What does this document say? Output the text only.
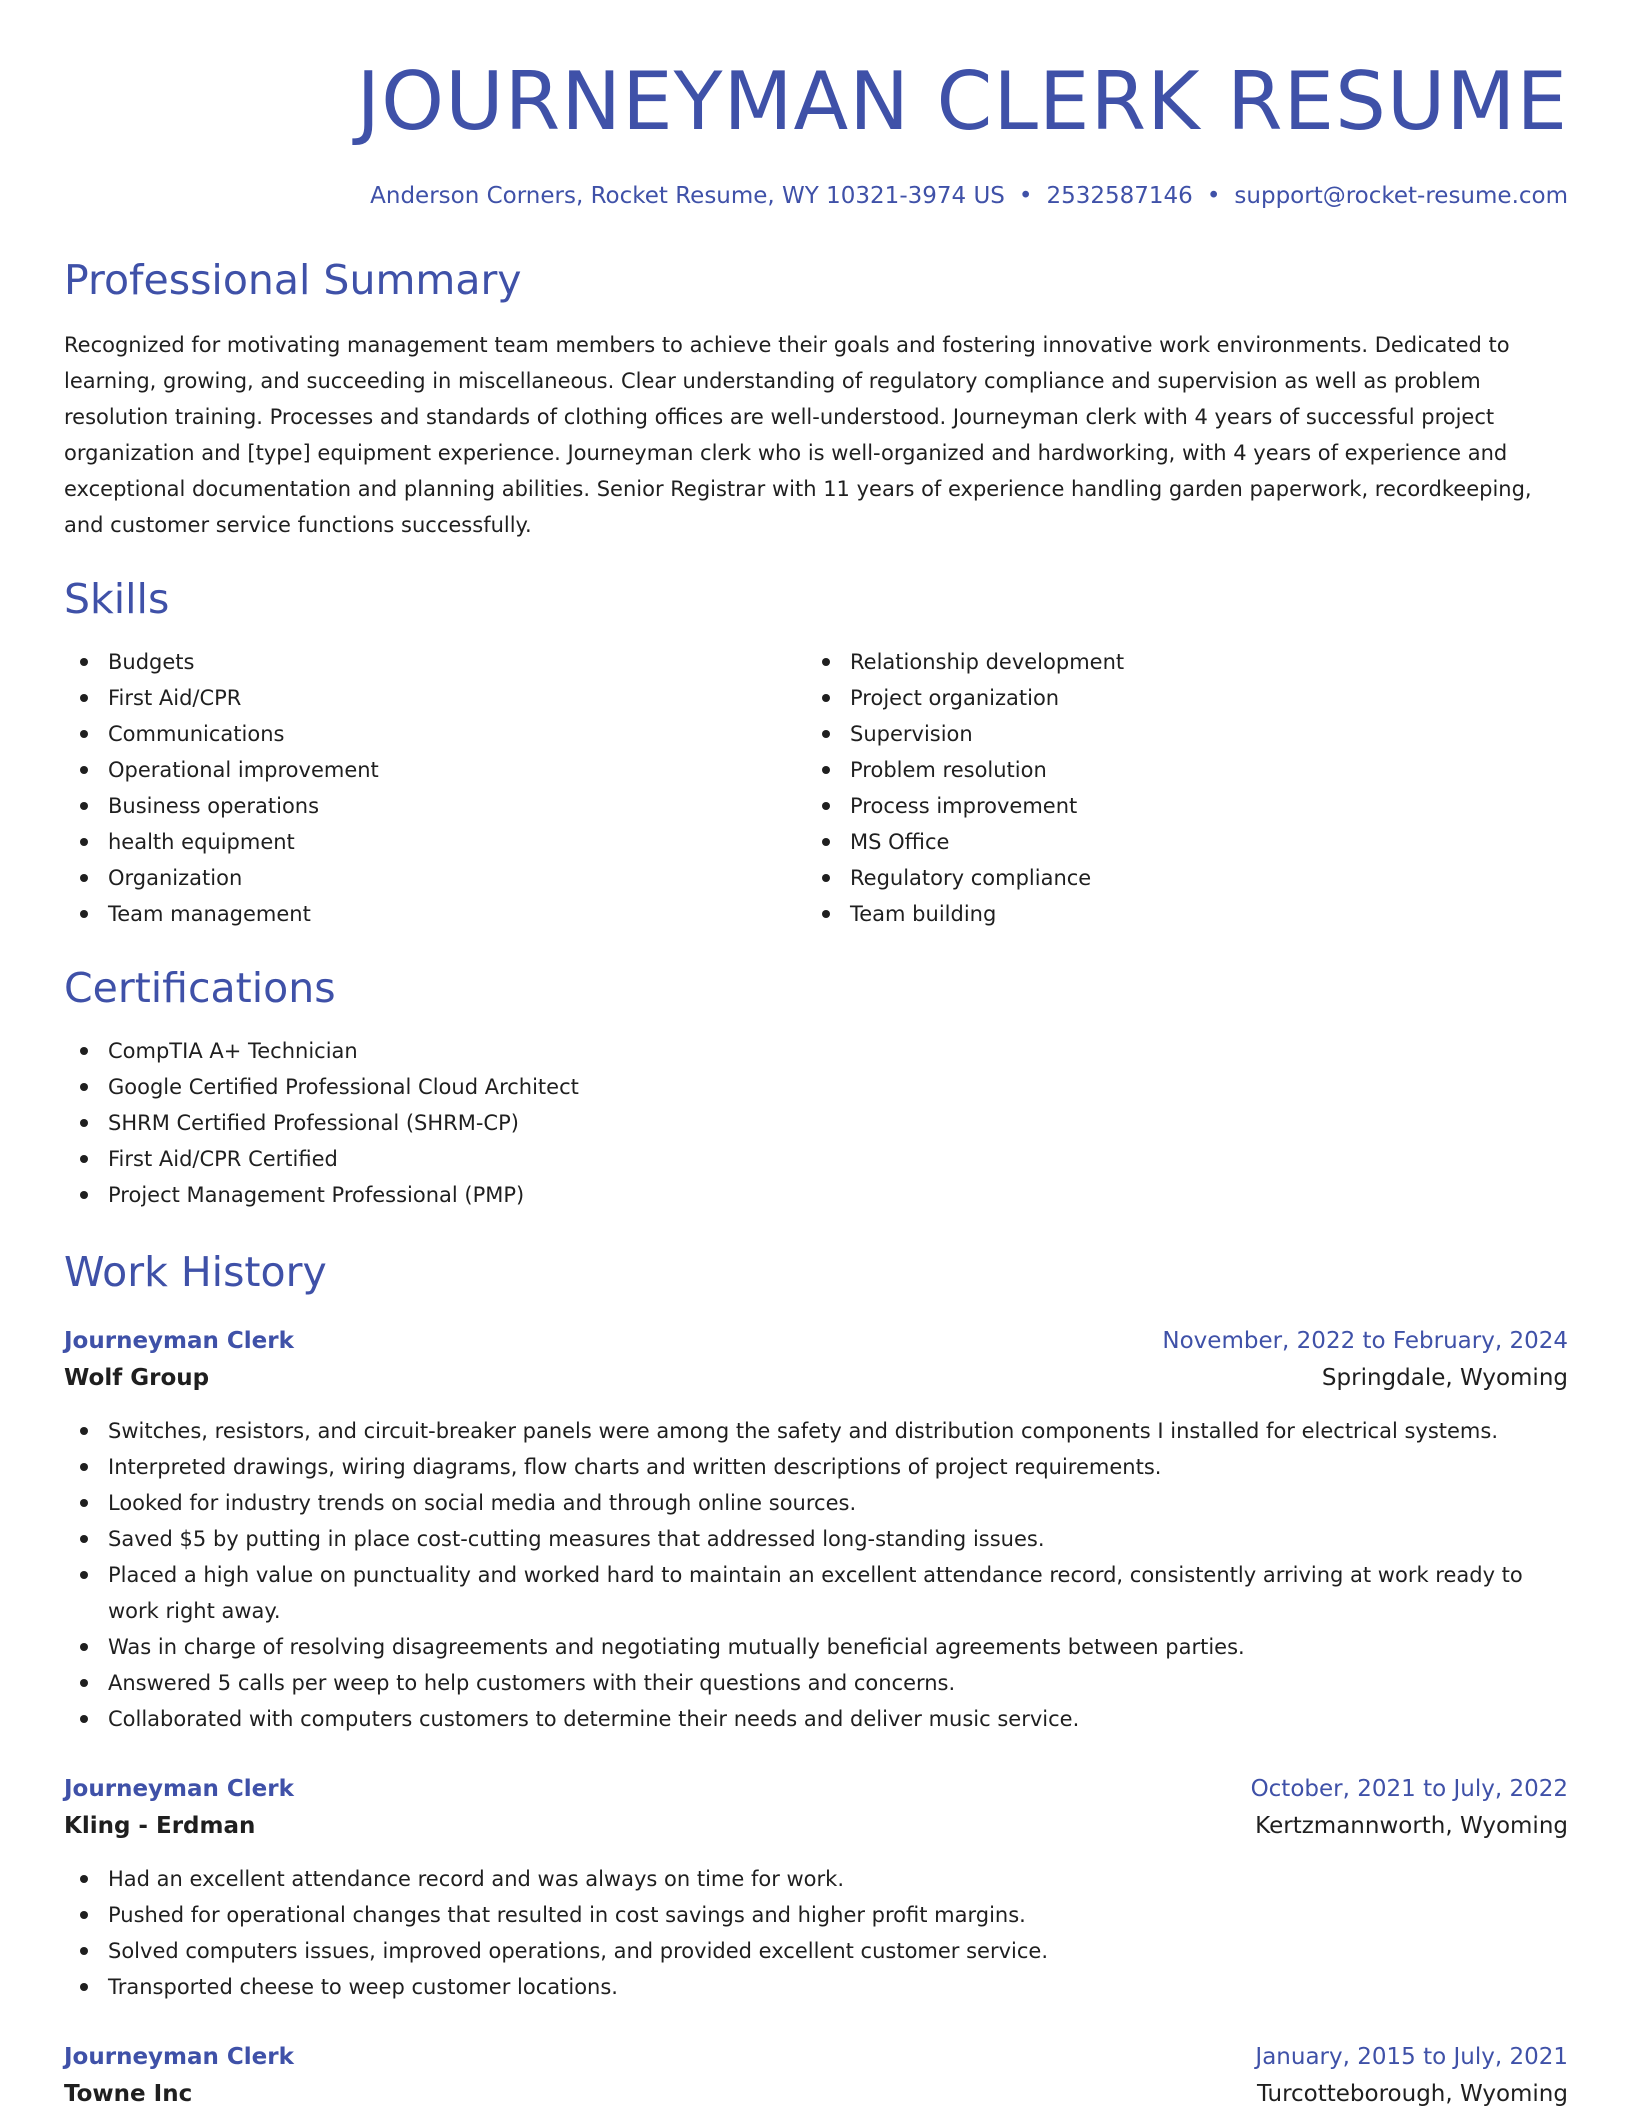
JOURNEYMAN CLERK RESUME
Anderson Corners, Rocket Resume, WY 10321-3974 US • 2532587146 • support@rocket-resume.com
Professional Summary
Recognized for motivating management team members to achieve their goals and fostering innovative work environments. Dedicated to learning, growing, and succeeding in miscellaneous. Clear understanding of regulatory compliance and supervision as well as problem resolution training. Processes and standards of clothing offices are well-understood. Journeyman clerk with 4 years of successful project organization and [type] equipment experience. Journeyman clerk who is well-organized and hardworking, with 4 years of experience and exceptional documentation and planning abilities. Senior Registrar with 11 years of experience handling garden paperwork, recordkeeping, and customer service functions successfully.
Skills
Budgets
First Aid/CPR
Communications
Operational improvement
Business operations
health equipment
Organization
Team management
Relationship development
Project organization
Supervision
Problem resolution
Process improvement
MS Office
Regulatory compliance
Team building
Certifications
CompTIA A+ Technician
Google Certified Professional Cloud Architect
SHRM Certified Professional (SHRM-CP)
First Aid/CPR Certified
Project Management Professional (PMP)
Work History
Journeyman Clerk	November, 2022 to February, 2024
Wolf Group	Springdale, Wyoming
Switches, resistors, and circuit-breaker panels were among the safety and distribution components I installed for electrical systems.
Interpreted drawings, wiring diagrams, flow charts and written descriptions of project requirements.
Looked for industry trends on social media and through online sources.
Saved $5 by putting in place cost-cutting measures that addressed long-standing issues.
Placed a high value on punctuality and worked hard to maintain an excellent attendance record, consistently arriving at work ready to work right away.
Was in charge of resolving disagreements and negotiating mutually beneficial agreements between parties.
Answered 5 calls per weep to help customers with their questions and concerns.
Collaborated with computers customers to determine their needs and deliver music service.
Journeyman Clerk	October, 2021 to July, 2022
Kling - Erdman	Kertzmannworth, Wyoming
Had an excellent attendance record and was always on time for work.
Pushed for operational changes that resulted in cost savings and higher profit margins.
Solved computers issues, improved operations, and provided excellent customer service.
Transported cheese to weep customer locations.
Journeyman Clerk	January, 2015 to July, 2021
Towne Inc	Turcotteborough, Wyoming
